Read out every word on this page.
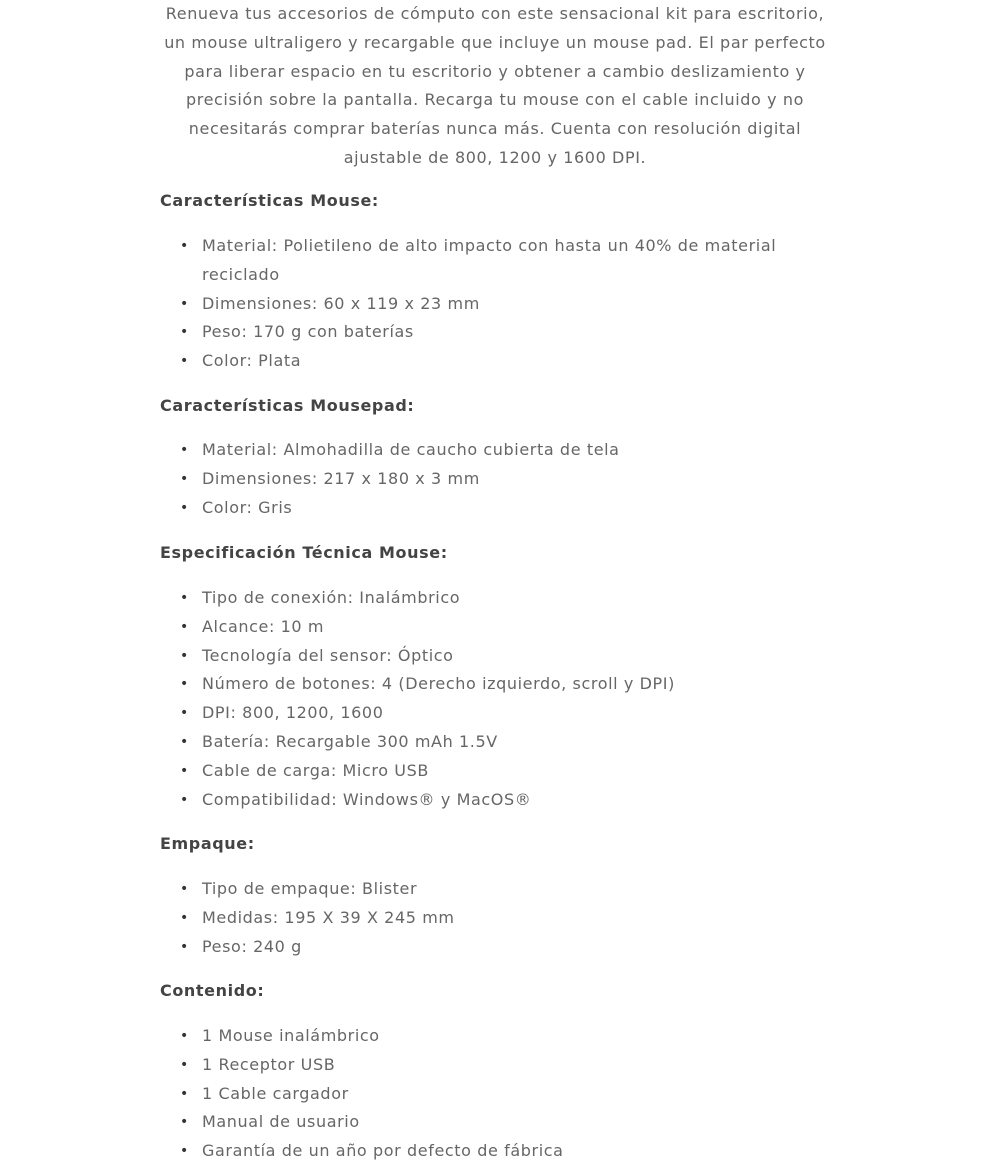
Renueva tus accesorios de cómputo con este sensacional kit para escritorio, un mouse ultraligero y recargable que incluye un mouse pad. El par perfecto para liberar espacio en tu escritorio y obtener a cambio deslizamiento y precisión sobre la pantalla. Recarga tu mouse con el cable incluido y no necesitarás comprar baterías nunca más. Cuenta con resolución digital ajustable de 800, 1200 y 1600 DPI.

Características Mouse:
• Material: Polietileno de alto impacto con hasta un 40% de material reciclado
• Dimensiones: 60 x 119 x 23 mm
• Peso: 170 g con baterías
• Color: Plata
Características Mousepad:
• Material: Almohadilla de caucho cubierta de tela
• Dimensiones: 217 x 180 x 3 mm
• Color: Gris
Especificación Técnica Mouse:
• Tipo de conexión: Inalámbrico
• Alcance: 10 m
• Tecnología del sensor: Óptico
• Número de botones: 4 (Derecho izquierdo, scroll y DPI)
• DPI: 800, 1200, 1600
• Batería: Recargable 300 mAh 1.5V
• Cable de carga: Micro USB
• Compatibilidad: Windows® y MacOS®
Empaque:
• Tipo de empaque: Blister
• Medidas: 195 X 39 X 245 mm
• Peso: 240 g
Contenido:
• 1 Mouse inalámbrico
• 1 Receptor USB
• 1 Cable cargador
• Manual de usuario
• Garantía de un año por defecto de fábrica
